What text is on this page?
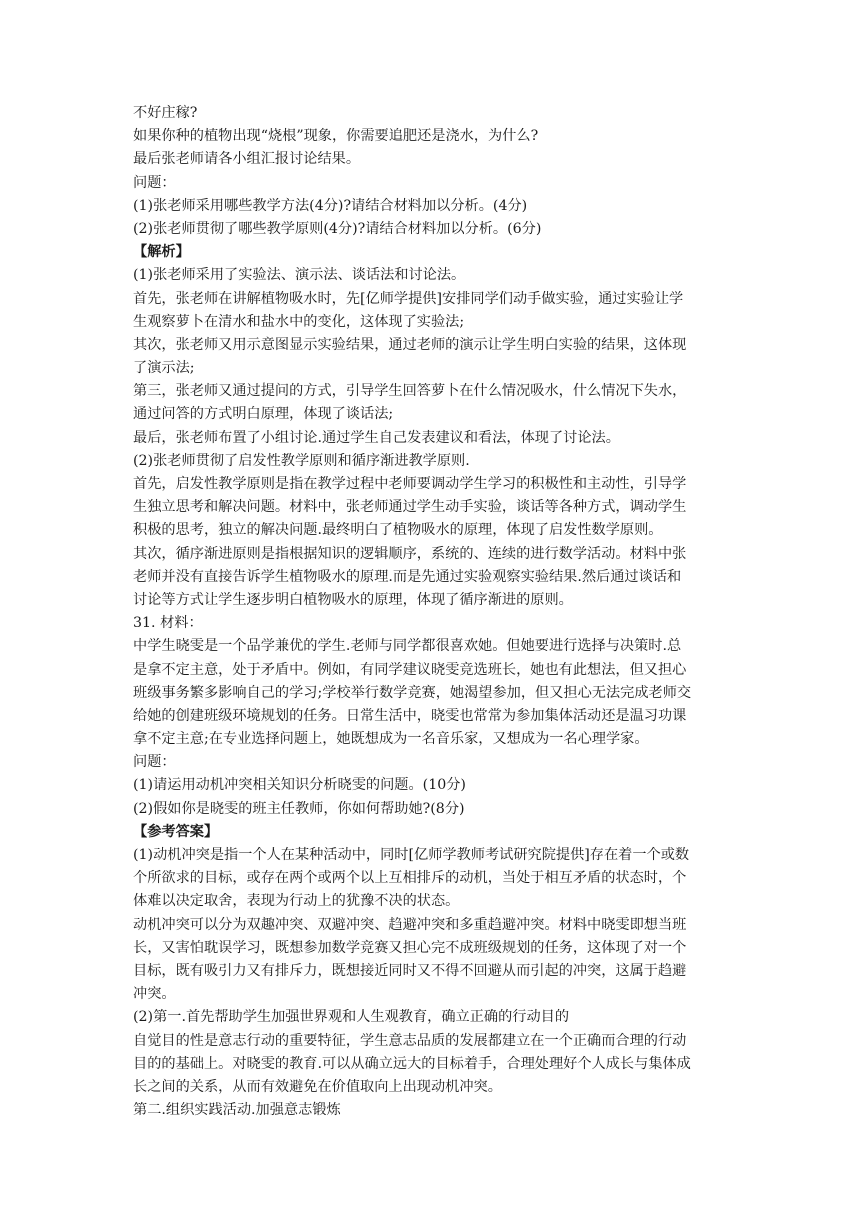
不好庄稼?
如果你种的植物出现“烧根”现象，你需要追肥还是浇水，为什么?
最后张老师请各小组汇报讨论结果。
问题：
(1)张老师采用哪些教学方法(4分)?请结合材料加以分析。(4分)
(2)张老师贯彻了哪些教学原则(4分)?请结合材料加以分析。(6分)
【解析】
(1)张老师采用了实验法、演示法、谈话法和讨论法。
首先，张老师在讲解植物吸水时，先[亿师学提供]安排同学们动手做实验，通过实验让学
生观察萝卜在清水和盐水中的变化，这体现了实验法;
其次，张老师又用示意图显示实验结果，通过老师的演示让学生明白实验的结果，这体现
了演示法;
第三，张老师又通过提问的方式，引导学生回答萝卜在什么情况吸水，什么情况下失水，
通过问答的方式明白原理，体现了谈话法;
最后，张老师布置了小组讨论.通过学生自己发表建议和看法，体现了讨论法。
(2)张老师贯彻了启发性教学原则和循序渐进教学原则.
首先，启发性教学原则是指在教学过程中老师要调动学生学习的积极性和主动性，引导学
生独立思考和解决问题。材料中，张老师通过学生动手实验，谈话等各种方式，调动学生
积极的思考，独立的解决问题.最终明白了植物吸水的原理，体现了启发性数学原则。
其次，循序渐进原则是指根据知识的逻辑顺序，系统的、连续的进行数学活动。材料中张
老师并没有直接告诉学生植物吸水的原理.而是先通过实验观察实验结果.然后通过谈话和
讨论等方式让学生逐步明白植物吸水的原理，体现了循序渐进的原则。
31. 材料：
中学生晓雯是一个品学兼优的学生.老师与同学都很喜欢她。但她要进行选择与决策时.总
是拿不定主意，处于矛盾中。例如，有同学建议晓雯竞选班长，她也有此想法，但又担心
班级事务繁多影响自己的学习;学校举行数学竞赛，她渴望参加，但又担心无法完成老师交
给她的创建班级环境规划的任务。日常生活中，晓雯也常常为参加集体活动还是温习功课
拿不定主意;在专业选择问题上，她既想成为一名音乐家，又想成为一名心理学家。
问题：
(1)请运用动机冲突相关知识分析晓雯的问题。(10分)
(2)假如你是晓雯的班主任教师，你如何帮助她?(8分)
【参考答案】
(1)动机冲突是指一个人在某种活动中，同时[亿师学教师考试研究院提供]存在着一个或数
个所欲求的目标，或存在两个或两个以上互相排斥的动机，当处于相互矛盾的状态时，个
体难以决定取舍，表现为行动上的犹豫不决的状态。
动机冲突可以分为双趣冲突、双避冲突、趋避冲突和多重趋避冲突。材料中晓雯即想当班
长，又害怕耽误学习，既想参加数学竞赛又担心完不成班级规划的任务，这体现了对一个
目标，既有吸引力又有排斥力，既想接近同时又不得不回避从而引起的冲突，这属于趋避
冲突。
(2)第一.首先帮助学生加强世界观和人生观教育，确立正确的行动目的
自觉目的性是意志行动的重要特征，学生意志品质的发展都建立在一个正确而合理的行动
目的的基础上。对晓雯的教育.可以从确立远大的目标着手，合理处理好个人成长与集体成
长之间的关系，从而有效避免在价值取向上出现动机冲突。
第二.组织实践活动.加强意志锻炼
